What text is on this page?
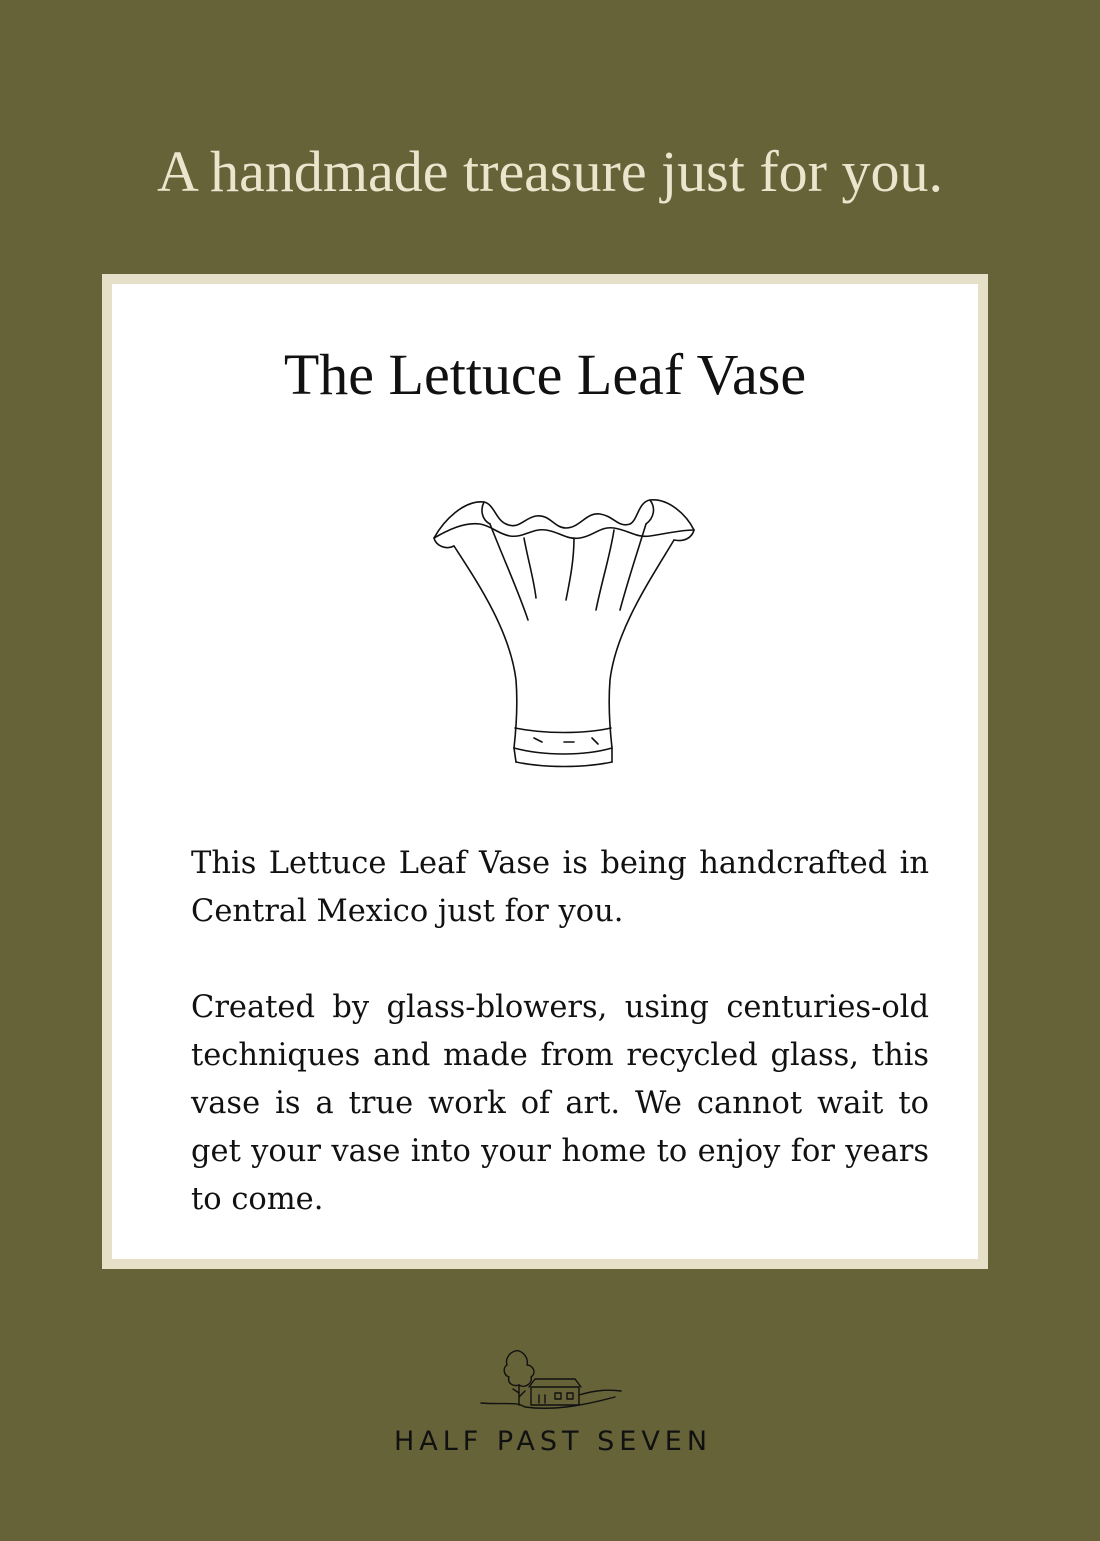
A handmade treasure just for you.
The Lettuce Leaf Vase

This Lettuce Leaf Vase is being handcrafted in Central Mexico just for you.

Created by glass-blowers, using centuries-old techniques and made from recycled glass, this vase is a true work of art. We cannot wait to get your vase into your home to enjoy for years to come.

HALF PAST SEVEN
